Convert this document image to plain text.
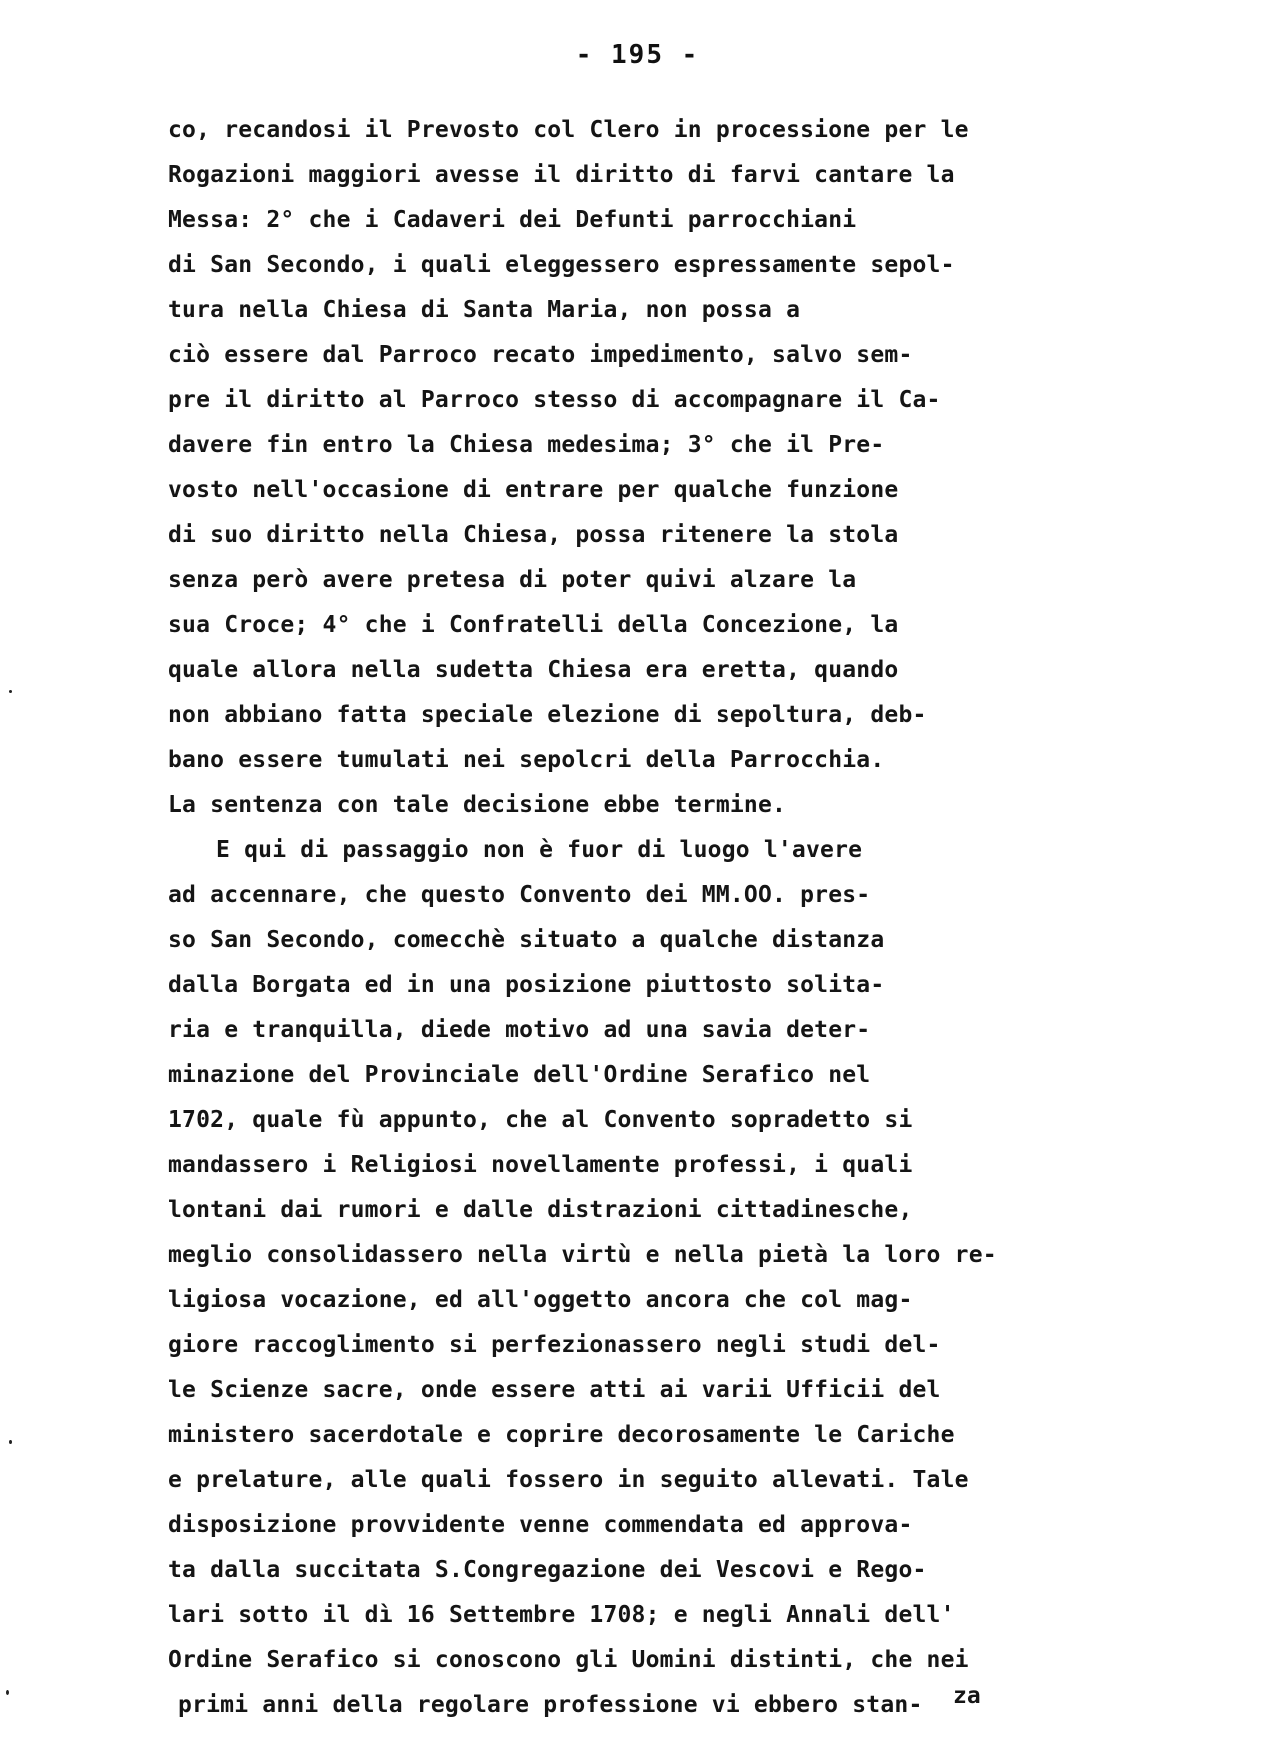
- 195 -
co, recandosi il Prevosto col Clero in processione per le
Rogazioni maggiori avesse il diritto di farvi cantare la
Messa: 2° che i Cadaveri dei Defunti parrocchiani
di San Secondo, i quali eleggessero espressamente sepol-
tura nella Chiesa di Santa Maria, non possa a
ciò essere dal Parroco recato impedimento, salvo sem-
pre il diritto al Parroco stesso di accompagnare il Ca-
davere fin entro la Chiesa medesima; 3° che il Pre-
vosto nell'occasione di entrare per qualche funzione
di suo diritto nella Chiesa, possa ritenere la stola
senza però avere pretesa di poter quivi alzare la
sua Croce; 4° che i Confratelli della Concezione, la
quale allora nella sudetta Chiesa era eretta, quando
non abbiano fatta speciale elezione di sepoltura, deb-
bano essere tumulati nei sepolcri della Parrocchia.
La sentenza con tale decisione ebbe termine.
E qui di passaggio non è fuor di luogo l'avere
ad accennare, che questo Convento dei MM.OO. pres-
so San Secondo, comecchè situato a qualche distanza
dalla Borgata ed in una posizione piuttosto solita-
ria e tranquilla, diede motivo ad una savia deter-
minazione del Provinciale dell'Ordine Serafico nel
1702, quale fù appunto, che al Convento sopradetto si
mandassero i Religiosi novellamente professi, i quali
lontani dai rumori e dalle distrazioni cittadinesche,
meglio consolidassero nella virtù e nella pietà la loro re-
ligiosa vocazione, ed all'oggetto ancora che col mag-
giore raccoglimento si perfezionassero negli studi del-
le Scienze sacre, onde essere atti ai varii Ufficii del
ministero sacerdotale e coprire decorosamente le Cariche
e prelature, alle quali fossero in seguito allevati. Tale
disposizione provvidente venne commendata ed approva-
ta dalla succitata S.Congregazione dei Vescovi e Rego-
lari sotto il dì 16 Settembre 1708; e negli Annali dell'
Ordine Serafico si conoscono gli Uomini distinti, che nei
primi anni della regolare professione vi ebbero stan-	za
